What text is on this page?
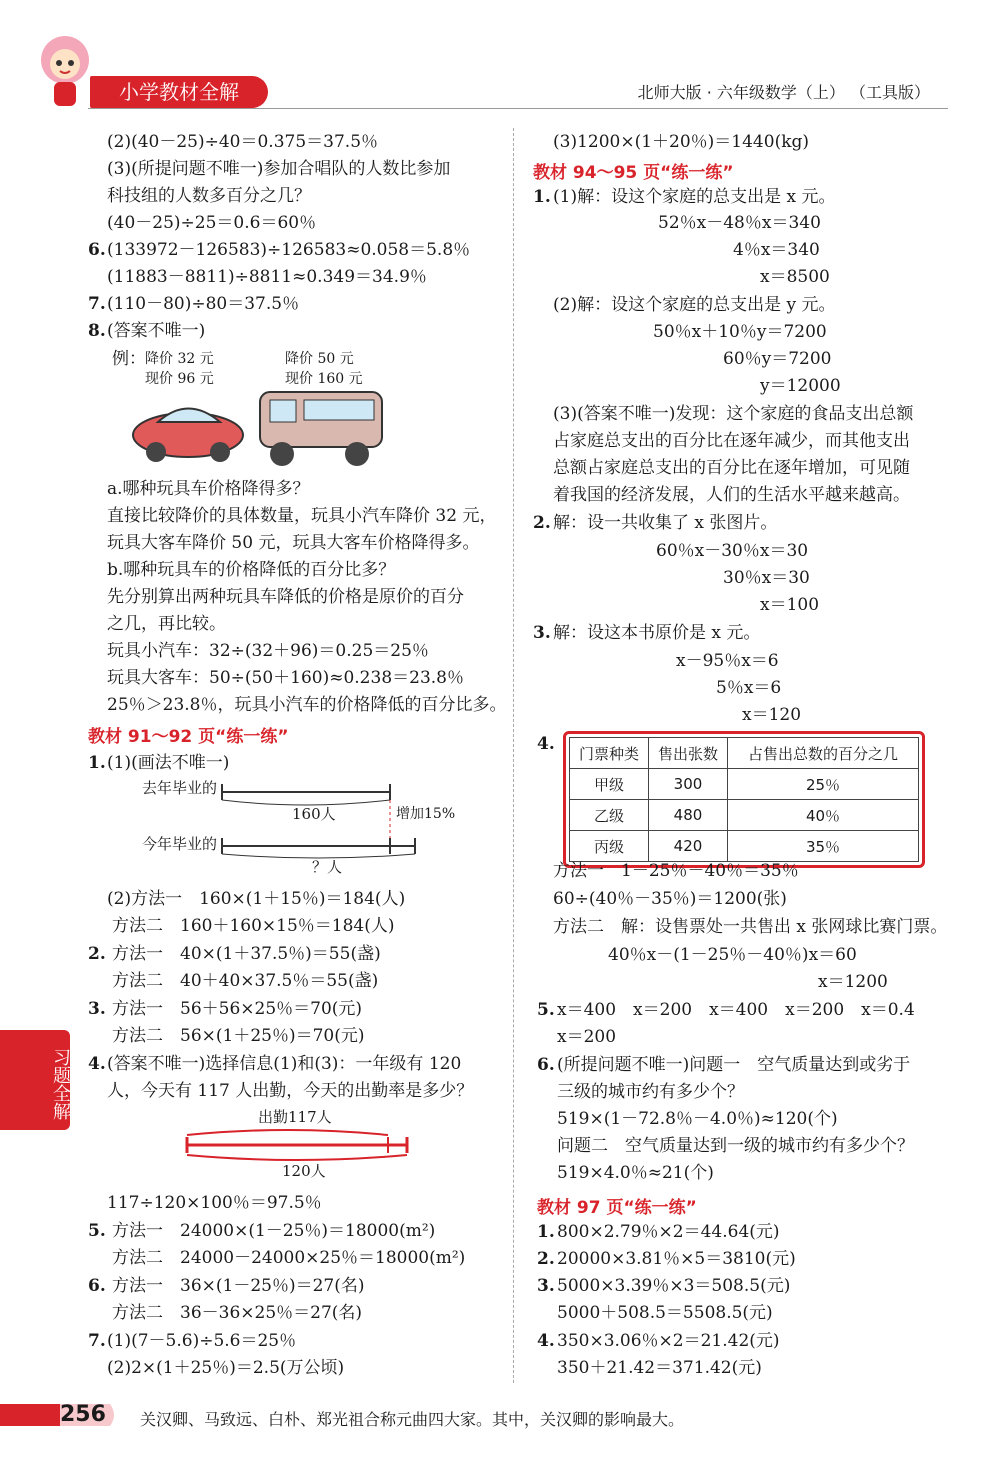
小学教材全解	北师大版 · 六年级数学（上） （工具版）
(2)(40－25)÷40＝0.375＝37.5％
(3)(所提问题不唯一)参加合唱队的人数比参加
科技组的人数多百分之几？
(40－25)÷25＝0.6＝60％
6. (133972－126583)÷126583≈0.058＝5.8％
(11883－8811)÷8811≈0.349＝34.9％
7. (110－80)÷80＝37.5％
8. (答案不唯一)
例： 降价 32 元
现价 96 元
降价 50 元
现价 160 元
a.哪种玩具车价格降得多？
直接比较降价的具体数量，玩具小汽车降价 32 元，
玩具大客车降价 50 元，玩具大客车价格降得多。
b.哪种玩具车的价格降低的百分比多？
先分别算出两种玩具车降低的价格是原价的百分
之几，再比较。
玩具小汽车：32÷(32＋96)＝0.25＝25％
玩具大客车：50÷(50＋160)≈0.238＝23.8％
25％＞23.8％，玩具小汽车的价格降低的百分比多。
教材 91～92 页“练一练”
1. (1)(画法不唯一)
去年毕业的
160人	增加15%
今年毕业的
？人
(2)方法一　160×(1＋15％)＝184(人)
方法二　160＋160×15％＝184(人)
2. 方法一　40×(1＋37.5％)＝55(盏)
方法二　40＋40×37.5％＝55(盏)
3. 方法一　56＋56×25％＝70(元)
方法二　56×(1＋25％)＝70(元)
4. (答案不唯一)选择信息(1)和(3)：一年级有 120
人，今天有 117 人出勤，今天的出勤率是多少？
出勤117人
120人
117÷120×100％＝97.5％
5. 方法一　24000×(1－25％)＝18000(m²)
方法二　24000－24000×25％＝18000(m²)
6. 方法一　36×(1－25％)＝27(名)
方法二　36－36×25％＝27(名)
7. (1)(7－5.6)÷5.6＝25％
(2)2×(1＋25％)＝2.5(万公顷)
(3)1200×(1＋20％)＝1440(kg)
教材 94～95 页“练一练”
1. (1)解：设这个家庭的总支出是 x 元。
52％x－48％x＝340
4％x＝340
x＝8500
(2)解：设这个家庭的总支出是 y 元。
50％x＋10％y＝7200
60％y＝7200
y＝12000
(3)(答案不唯一)发现：这个家庭的食品支出总额
占家庭总支出的百分比在逐年减少，而其他支出
总额占家庭总支出的百分比在逐年增加，可见随
着我国的经济发展，人们的生活水平越来越高。
2. 解：设一共收集了 x 张图片。
60％x－30％x＝30
30％x＝30
x＝100
3. 解：设这本书原价是 x 元。
x－95％x＝6
5％x＝6
x＝120
4. 门票种类	售出张数	占售出总数的百分之几
甲级	300	25％
乙级	480	40％
丙级	420	35％
方法一　1－25％－40％＝35％
60÷(40％－35％)＝1200(张)
方法二　解：设售票处一共售出 x 张网球比赛门票。
40％x－(1－25％－40％)x＝60
x＝1200
5. x＝400　x＝200　x＝400　x＝200　x＝0.4
x＝200
6. (所提问题不唯一)问题一　空气质量达到或劣于
三级的城市约有多少个？
519×(1－72.8％－4.0％)≈120(个)
问题二　空气质量达到一级的城市约有多少个？
519×4.0％≈21(个)
教材 97 页“练一练”
1. 800×2.79％×2＝44.64(元)
2. 20000×3.81％×5＝3810(元)
3. 5000×3.39％×3＝508.5(元)
5000＋508.5＝5508.5(元)
4. 350×3.06％×2＝21.42(元)
350＋21.42＝371.42(元)
习题全解
256 关汉卿、马致远、白朴、郑光祖合称元曲四大家。其中，关汉卿的影响最大。
